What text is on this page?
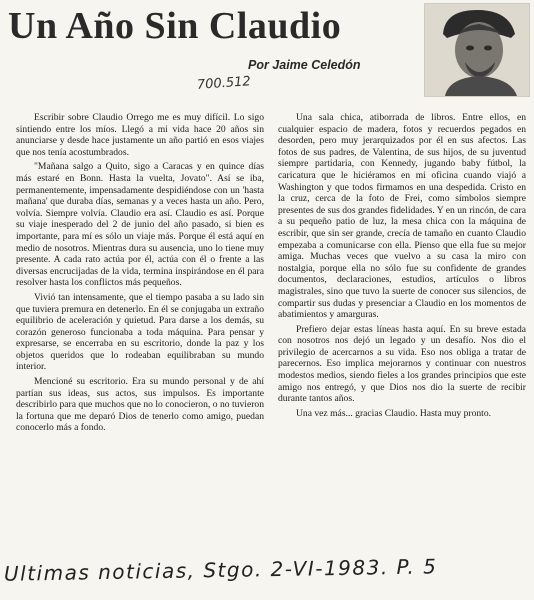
Un Año Sin Claudio
Por Jaime Celedón
700.512

Escribir sobre Claudio Orrego me es muy difícil. Lo sigo sintiendo entre los míos. Llegó a mi vida hace 20 años sin anunciarse y desde hace justamente un año partió en esos viajes que nos tenía acostumbrados.

"Mañana salgo a Quito, sigo a Caracas y en quince días más estaré en Bonn. Hasta la vuelta, Jovato". Así se iba, permanentemente, impensadamente despidiéndose con un 'hasta mañana' que duraba días, semanas y a veces hasta un año. Pero, volvía. Siempre volvía. Claudio era así. Claudio es así. Porque su viaje inesperado del 2 de junio del año pasado, si bien es importante, para mí es sólo un viaje más. Porque él está aquí en medio de nosotros. Mientras dura su ausencia, uno lo tiene muy presente. A cada rato actúa por él, actúa con él o frente a las diversas encrucijadas de la vida, termina inspirándose en él para resolver hasta los conflictos más pequeños.

Vivió tan intensamente, que el tiempo pasaba a su lado sin que tuviera premura en detenerlo. En él se conjugaba un extraño equilibrio de aceleración y quietud. Para darse a los demás, su corazón generoso funcionaba a toda máquina. Para pensar y expresarse, se encerraba en su escritorio, donde la paz y los objetos queridos que lo rodeaban equilibraban su mundo interior.

Mencioné su escritorio. Era su mundo personal y de ahí partían sus ideas, sus actos, sus impulsos. Es importante describirlo para que muchos que no lo conocieron, o no tuvieron la fortuna que me deparó Dios de tenerlo como amigo, puedan conocerlo más a fondo.

Una sala chica, atiborrada de libros. Entre ellos, en cualquier espacio de madera, fotos y recuerdos pegados en desorden, pero muy jerarquizados por él en sus afectos. Las fotos de sus padres, de Valentina, de sus hijos, de su juventud siempre partidaria, con Kennedy, jugando baby fútbol, la caricatura que le hiciéramos en mi oficina cuando viajó a Washington y que todos firmamos en una despedida. Cristo en la cruz, cerca de la foto de Frei, como símbolos siempre presentes de sus dos grandes fidelidades. Y en un rincón, de cara a su pequeño patio de luz, la mesa chica con la máquina de escribir, que sin ser grande, crecía de tamaño en cuanto Claudio empezaba a comunicarse con ella. Pienso que ella fue su mejor amiga. Muchas veces que vuelvo a su casa la miro con nostalgia, porque ella no sólo fue su confidente de grandes documentos, declaraciones, estudios, artículos o libros magistrales, sino que tuvo la suerte de conocer sus silencios, de compartir sus dudas y presenciar a Claudio en los momentos de abatimientos y amarguras.

Prefiero dejar estas líneas hasta aquí. En su breve estada con nosotros nos dejó un legado y un desafío. Nos dio el privilegio de acercarnos a su vida. Eso nos obliga a tratar de parecernos. Eso implica mejorarnos y continuar con nuestros modestos medios, siendo fieles a los grandes principios que este amigo nos entregó, y que Dios nos dio la suerte de recibir durante tantos años.

Una vez más... gracias Claudio. Hasta muy pronto.

Ultimas noticias, Stgo. 2-VI-1983. P. 5
